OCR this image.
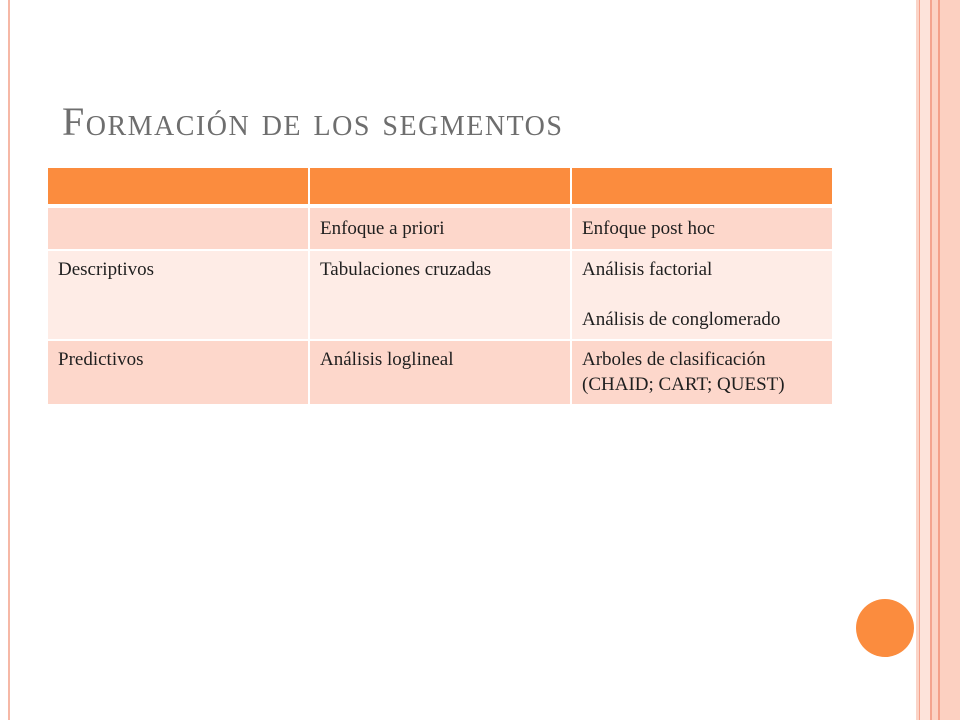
Formación de los segmentos

	Enfoque a priori	Enfoque post hoc

Descriptivos	Tabulaciones cruzadas	Análisis factorial
Análisis de conglomerado

Predictivos	Análisis loglineal	Arboles de clasificación (CHAID; CART; QUEST)
